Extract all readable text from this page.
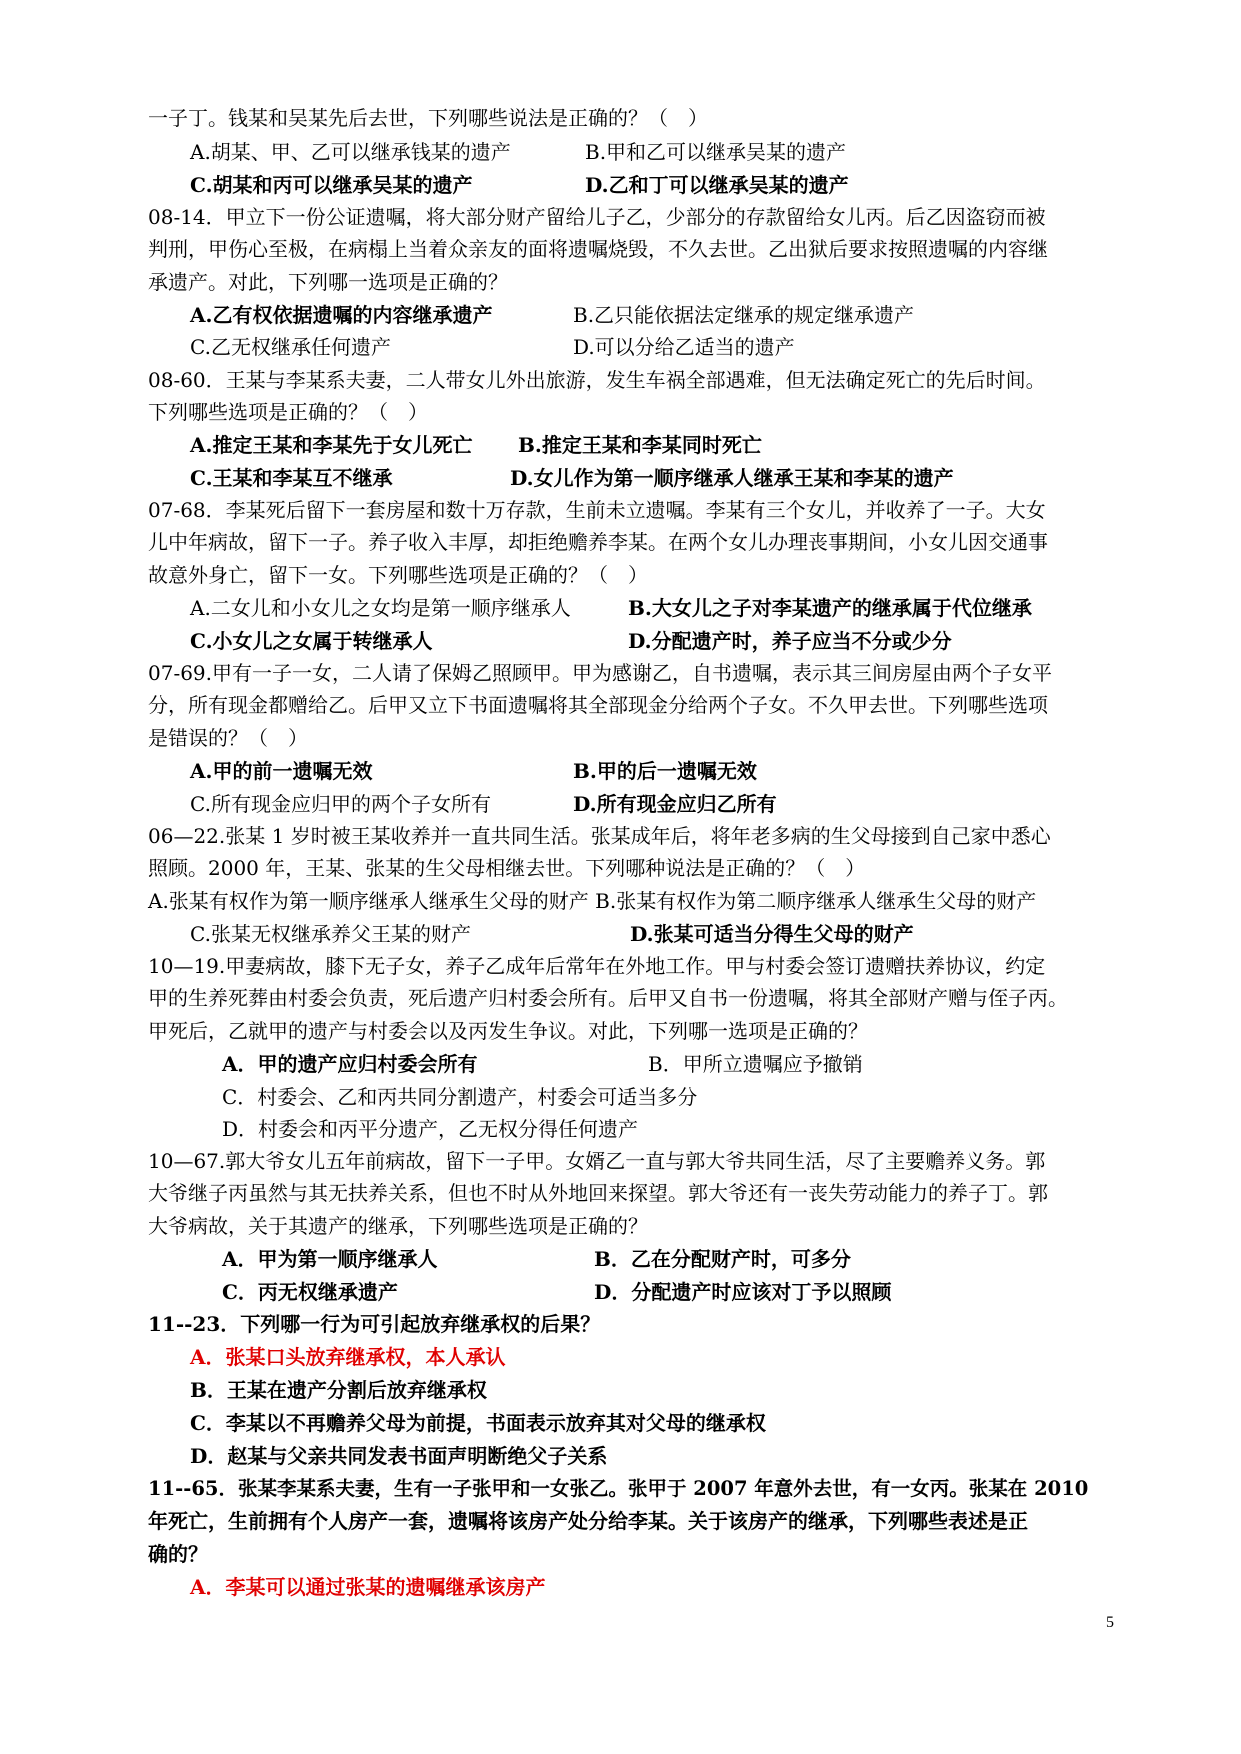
一子丁。钱某和吴某先后去世，下列哪些说法是正确的？（　）
A.胡某、甲、乙可以继承钱某的遗产	B.甲和乙可以继承吴某的遗产
C.胡某和丙可以继承吴某的遗产	D.乙和丁可以继承吴某的遗产
08-14．甲立下一份公证遗嘱，将大部分财产留给儿子乙，少部分的存款留给女儿丙。后乙因盗窃而被
判刑，甲伤心至极，在病榻上当着众亲友的面将遗嘱烧毁，不久去世。乙出狱后要求按照遗嘱的内容继
承遗产。对此，下列哪一选项是正确的？
A.乙有权依据遗嘱的内容继承遗产	B.乙只能依据法定继承的规定继承遗产
C.乙无权继承任何遗产	D.可以分给乙适当的遗产
08-60．王某与李某系夫妻，二人带女儿外出旅游，发生车祸全部遇难，但无法确定死亡的先后时间。
下列哪些选项是正确的？（　）
A.推定王某和李某先于女儿死亡 B.推定王某和李某同时死亡
C.王某和李某互不继承	D.女儿作为第一顺序继承人继承王某和李某的遗产
07-68．李某死后留下一套房屋和数十万存款，生前未立遗嘱。李某有三个女儿，并收养了一子。大女
儿中年病故，留下一子。养子收入丰厚，却拒绝赡养李某。在两个女儿办理丧事期间，小女儿因交通事
故意外身亡，留下一女。下列哪些选项是正确的？（　）
A.二女儿和小女儿之女均是第一顺序继承人	B.大女儿之子对李某遗产的继承属于代位继承
C.小女儿之女属于转继承人	D.分配遗产时，养子应当不分或少分
07-69.甲有一子一女，二人请了保姆乙照顾甲。甲为感谢乙，自书遗嘱，表示其三间房屋由两个子女平
分，所有现金都赠给乙。后甲又立下书面遗嘱将其全部现金分给两个子女。不久甲去世。下列哪些选项
是错误的？（　）
A.甲的前一遗嘱无效	B.甲的后一遗嘱无效
C.所有现金应归甲的两个子女所有	D.所有现金应归乙所有
06—22.张某 1 岁时被王某收养并一直共同生活。张某成年后，将年老多病的生父母接到自己家中悉心
照顾。2000 年，王某、张某的生父母相继去世。下列哪种说法是正确的？（　）
A.张某有权作为第一顺序继承人继承生父母的财产 B.张某有权作为第二顺序继承人继承生父母的财产
C.张某无权继承养父王某的财产	D.张某可适当分得生父母的财产
10—19.甲妻病故，膝下无子女，养子乙成年后常年在外地工作。甲与村委会签订遗赠扶养协议，约定
甲的生养死葬由村委会负责，死后遗产归村委会所有。后甲又自书一份遗嘱，将其全部财产赠与侄子丙。
甲死后，乙就甲的遗产与村委会以及丙发生争议。对此，下列哪一选项是正确的？
A．甲的遗产应归村委会所有	B．甲所立遗嘱应予撤销
C．村委会、乙和丙共同分割遗产，村委会可适当多分
D．村委会和丙平分遗产，乙无权分得任何遗产
10—67.郭大爷女儿五年前病故，留下一子甲。女婿乙一直与郭大爷共同生活，尽了主要赡养义务。郭
大爷继子丙虽然与其无扶养关系，但也不时从外地回来探望。郭大爷还有一丧失劳动能力的养子丁。郭
大爷病故，关于其遗产的继承，下列哪些选项是正确的？
A．甲为第一顺序继承人	B．乙在分配财产时，可多分
C．丙无权继承遗产	D．分配遗产时应该对丁予以照顾
11--23．下列哪一行为可引起放弃继承权的后果？
A．张某口头放弃继承权，本人承认
B．王某在遗产分割后放弃继承权
C．李某以不再赡养父母为前提，书面表示放弃其对父母的继承权
D．赵某与父亲共同发表书面声明断绝父子关系
11--65．张某李某系夫妻，生有一子张甲和一女张乙。张甲于 2007 年意外去世，有一女丙。张某在 2010
年死亡，生前拥有个人房产一套，遗嘱将该房产处分给李某。关于该房产的继承，下列哪些表述是正
确的？
A．李某可以通过张某的遗嘱继承该房产
5
